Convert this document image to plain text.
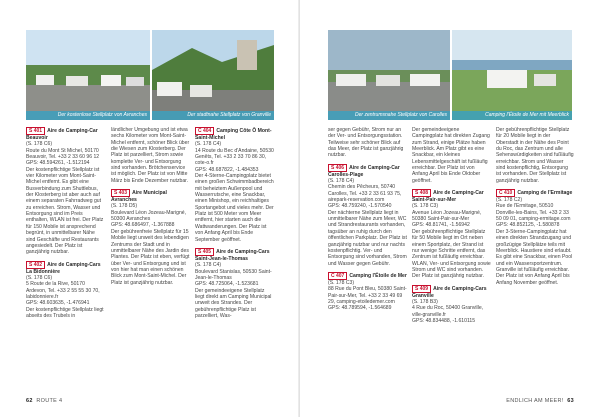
Der kostenlose Stellplatz von Avranches	Der stadtnahe Stellplatz von Granville
S 401 Aire de Camping-Car Beauvoir
(S. 178 C6)
Route du Mont St Michel, 50170 Beauvoir, Tel. +33 2 33 60 96 12
GPS: 48.594261, -1.512194
Der kostenpflichtige Stellplatz ist vier Kilometer vom Mont-Saint-Michel entfernt. Es gibt eine Busverbindung zum Shuttlebus, der Klosterberg ist aber auch auf einem separaten Fahrradweg gut zu erreichen. Strom, Wasser und Entsorgung sind im Preis enthalten, WLAN ist frei. Der Platz für 150 Mobile ist ansprechend begrünt, in unmittelbarer Nähe sind Geschäfte und Restaurants angesiedelt. Der Platz ist ganzjährig nutzbar.
S 402 Aire de Camping-Cars La Bidonnière
(S. 178 C6)
5 Route de la Rive, 50170 Ardevon, Tel. +33 2 55 55 30 70, labidonniere.fr
GPS: 48.603635, -1.476941
Der kostenpflichtige Stellplatz liegt abseits des Trubels in

ländlicher Umgebung und ist etwa sechs Kilometer vom Mont-Saint-Michel entfernt, schöner Blick über die Wiesen zum Klosterberg. Der Platz ist parzelliert, Strom sowie komplette Ver- und Entsorgung sind vorhanden. Brötchenservice ist möglich. Der Platz ist von Mitte März bis Ende Dezember nutzbar.

S 403 Aire Municipal Avranches
(S. 178 D5)
Boulevard Léon Jozeau-Marigné, 50300 Avranches
GPS: 48.686497, -1.367888
Der gebührenfreie Stellplatz für 15 Mobile liegt unweit des lebendigen Zentrums der Stadt und in unmittelbarer Nähe des Jardin des Plantes. Der Platz ist eben, verfügt über Ver- und Entsorgung und ist von hier hat man einen schönen Blick zum Mont-Saint-Michel. Der Platz ist ganzjährig nutzbar.
C 404 Camping Côte Ô Mont-Saint-Michel
(S. 178 C4)
14 Route du Bec d'Andaine, 50530 Genêts, Tel. +33 2 33 70 86 30, cote-o.fr
GPS: 48.687822, -1.484353
Der 4-Sterne-Campingplatz bietet einen großen Schwimmbadbereich mit beheiztem Außenpool und Wasserrutsche, eine Snackbar, einen Minishop, ein reichhaltiges Sportangebot und vieles mehr. Der Platz ist 500 Meter vom Meer entfernt, hier starten auch die Wattwanderungen. Der Platz ist von Anfang April bis Ende September geöffnet.
S 405 Aire de Camping-Cars Saint-Jean-le-Thomas
(S. 178 C4)
Boulevard Stanislas, 50530 Saint-Jean-le-Thomas
GPS: 48.725064, -1.523681
Der gemeindeeigene Stellplatz liegt direkt am Camping Municipal unweit des Strandes. Der gebührenpflichtige Platz ist parzelliert, Was-
62 ROUTE 4
Der zentrumsnahe Stellplatz von Carolles	Camping l’Étoile de Mer mit Meerblick

ser gegen Gebühr, Strom nur an der Ver- und Entsorgungsstation. Teilweise sehr schöner Blick auf das Meer, der Platz ist ganzjährig nutzbar.

S 406 Aire de Camping-Car Carolles-Plage
(S. 178 C4)
Chemin des Pêcheurs, 50740 Carolles, Tel. +33 2 33 61 93 75, airepark-reservation.com
GPS: 48.759240, -1.570540
Der nächterne Stellplatz liegt in unmittelbarer Nähe zum Meer, WC und Strandrestaurants vorhanden, tagsüber an ruhig durch den öffentlichen Parkplatz. Der Platz ist ganzjährig nutzbar und nur nachts kostenpflichtig. Ver- und Entsorgung sind vorhanden, Strom und Wasser gegen Gebühr.
C 407 Camping l'Étoile de Mer
(S. 178 C3)
88 Rue du Pont Bleu, 50380 Saint-Pair-sur-Mer, Tel. +33 2 33 49 69 29, camping-etoiledemer.com
GPS: 48.789594, -1.564689

Der gemeindeeigene Campingplatz hat direkten Zugang zum Strand, einige Plätze haben Meerblick. Am Platz gibt es eine Snackbar, ein kleines Lebensmittelgeschäft ist fußläufig erreichbar. Der Platz ist von Anfang April bis Ende Oktober geöffnet.

S 408 Aire de Camping-Car Saint-Pair-sur-Mer
(S. 178 C3)
Avenue Léon Jozeau-Marigné, 50380 Saint-Pair-sur-Mer
GPS: 48.81741, -1.56942
Der gebührenpflichtige Stellplatz für 50 Mobile liegt im Ort neben einem Sportplatz, der Strand ist nur wenige Schritte entfernt, das Zentrum ist fußläufig erreichbar. WLAN, Ver- und Entsorgung sowie Strom und WC sind vorhanden. Der Platz ist ganzjährig nutzbar.
S 409 Aire de Camping-Cars Granville
(S. 178 B3)
4 Rue du Roc, 50400 Granville, ville-granville.fr
GPS: 48.834488, -1.610115

Der gebührenpflichtige Stellplatz für 20 Mobile liegt in der Oberstadt in der Nähe des Point du Roc, das Zentrum und alle Sehenswürdigkeiten sind fußläufig erreichbar. Strom und Wasser sind kostenpflichtig, Entsorgung ist vorhanden. Der Stellplatz ist ganzjährig nutzbar.

C 410 Camping de l'Ermitage
(S. 178 C2)
Rue de l'Ermitage, 50510 Donville-les-Bains, Tel. +33 2 33 50 09 01, camping-ermitage.com
GPS: 48.852125, -1.580878
Der 3-Sterne-Campingplatz hat einen direkten Strandzugang und großzügige Stellplätze teils mit Meerblick. Haustiere sind erlaubt. Es gibt eine Snackbar, einen Pool und ein Wassersportzentrum. Granville ist fußläufig erreichbar. Der Platz ist von Anfang April bis Anfang November geöffnet.
ENDLICH AM MEER! 63
